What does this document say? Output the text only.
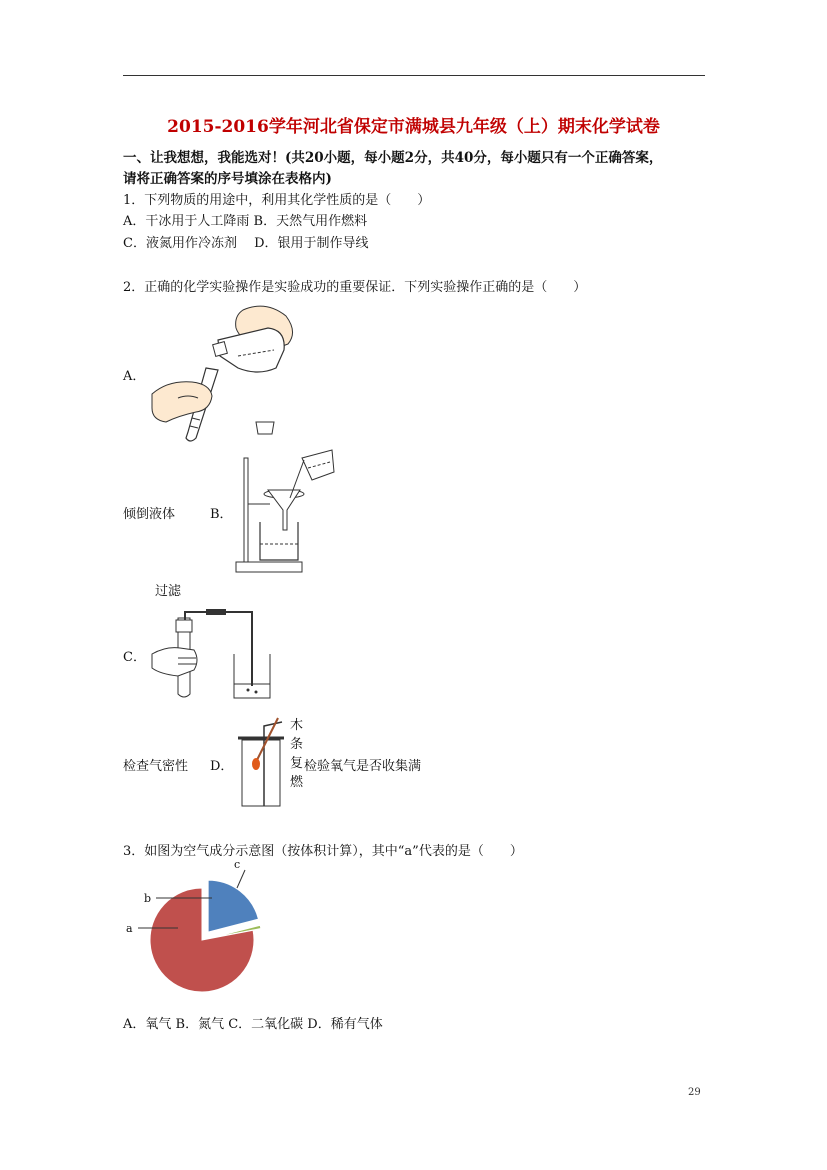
2015-2016学年河北省保定市满城县九年级（上）期末化学试卷
一、让我想想，我能选对！(共20小题，每小题2分，共40分，每小题只有一个正确答案，
请将正确答案的序号填涂在表格内)
1．下列物质的用途中，利用其化学性质的是（　　）
A．干冰用于人工降雨 B．天然气用作燃料
C．液氮用作冷冻剂　 D．银用于制作导线
2．正确的化学实验操作是实验成功的重要保证．下列实验操作正确的是（　　）
A．
倾倒液体	B．
过滤
C．
检查气密性 D．
木
条
复
燃
检验氧气是否收集满
3．如图为空气成分示意图（按体积计算），其中“a”代表的是（　　）
a
b
c
A．氧气 B．氮气 C．二氧化碳 D．稀有气体
29
